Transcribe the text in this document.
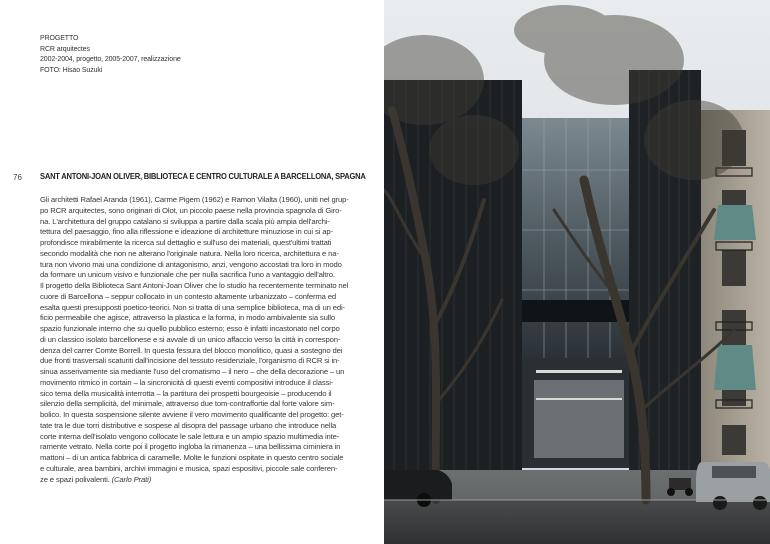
PROGETTO
RCR arquitectes
2002-2004, progetto, 2005-2007, realizzazione
FOTO: Hisao Suzuki
76 SANT ANTONI-JOAN OLIVER, BIBLIOTECA E CENTRO CULTURALE A BARCELLONA, SPAGNA
Gli architetti Rafael Aranda (1961), Carme Pigem (1962) e Ramon Vilalta (1960), uniti nel grup-
po RCR arquitectes, sono originari di Olot, un piccolo paese nella provincia spagnola di Giro-
na. L'architettura del gruppo catalano si sviluppa a partire dalla scala più ampia dell'archi-
tettura del paesaggio, fino alla riflessione e ideazione di architetture minuziose in cui si ap-
profondisce mirabilmente la ricerca sul dettaglio e sull'uso dei materiali, quest'ultimi trattati
secondo modalità che non ne alterano l'originale natura. Nella loro ricerca, architettura e na-
tura non vivono mai una condizione di antagonismo, anzi, vengono accostati tra loro in modo
da formare un unicum visivo e funzionale che per nulla sacrifica l'uno a vantaggio dell'altro.
Il progetto della Biblioteca Sant Antoni-Joan Oliver che lo studio ha recentemente terminato nel
cuore di Barcellona – seppur collocato in un contesto altamente urbanizzato – conferma ed
esalta questi presupposti poetico-teorici. Non si tratta di una semplice biblioteca, ma di un edi-
ficio permeabile che agisce, attraverso la plastica e la forma, in modo ambivalente sia sullo
spazio funzionale interno che su quello pubblico esterno; esso è infatti incastonato nel corpo
di un classico isolato barcellonese e si avvale di un unico affaccio verso la città in correspon-
denza del carrer Comte Borrell. In questa fessura del blocco monolitico, quasi a sostegno dei
due fronti trasversali scaturiti dall'incisione del tessuto residenziale, l'organismo di RCR si in-
sinua asserivamente sia mediante l'uso del cromatismo – il nero – che della decorazione – un
movimento ritmico in cortain – la sincronicità di questi eventi compositivi introduce il classi-
sico tema della musicalità interrotta – la partitura dei prospetti bourgeoisie – producendo il
silenzio della semplicità, del minimale, attraverso due tom-contraffortie dal forte valore sim-
bolico. In questa sospensione silente avviene il vero movimento qualificante del progetto: get-
tate tra le due torri distributive e sospese al disopra del passage urbano che introduce nella
corte interna dell'isolato vengono collocate le sale lettura e un ampio spazio multimedia inte-
ramente vetrato. Nella corte poi il progetto ingloba la rimanenza – una bellissima ciminiera in
mattoni – di un antica fabbrica di caramelle. Molte le funzioni ospitate in questo centro sociale
e culturale, area bambini, archivi immagini e musica, spazi espositivi, piccole sale conferen-
ze e spazi polivalenti. (Carlo Prati)
